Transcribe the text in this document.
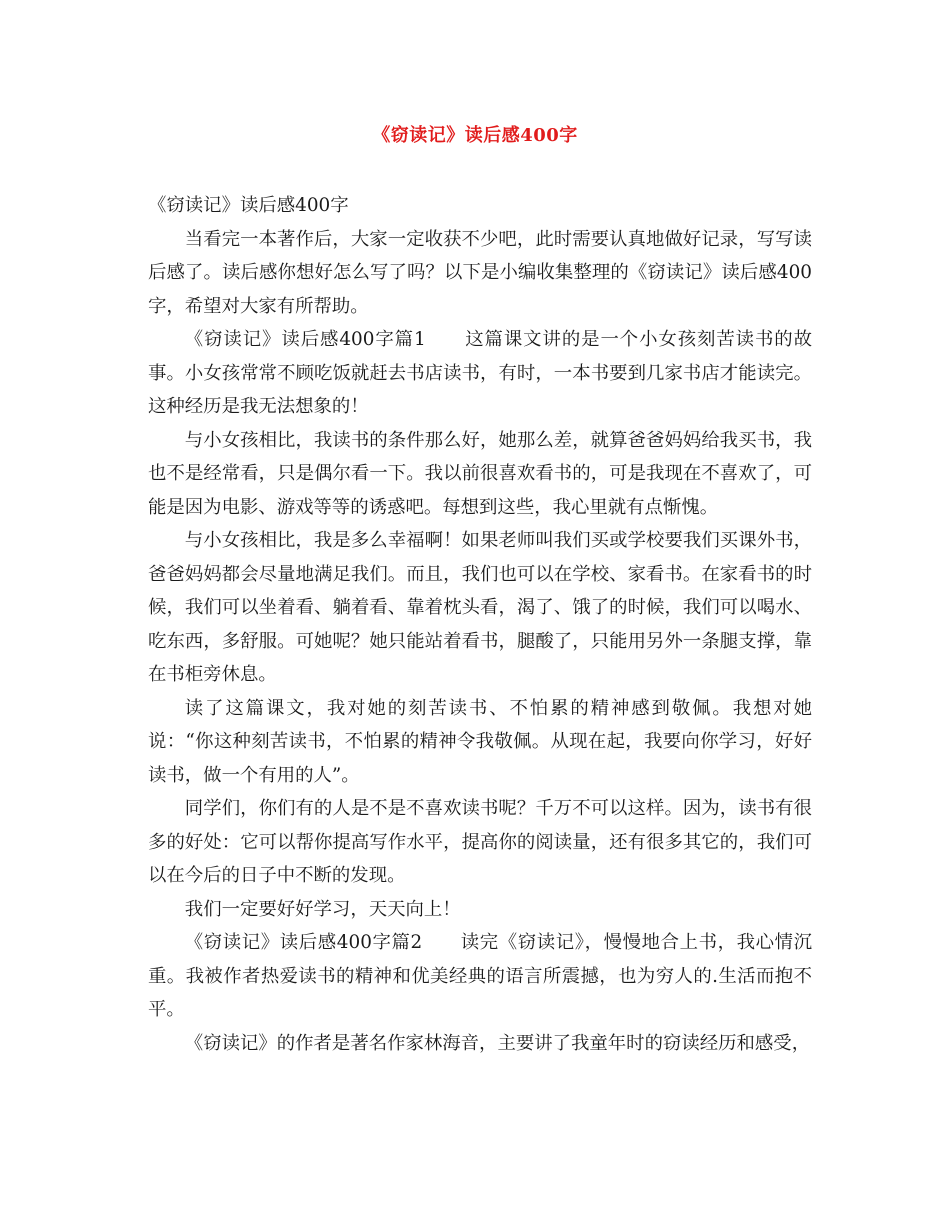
《窃读记》读后感400字

《窃读记》读后感400字

当看完一本著作后，大家一定收获不少吧，此时需要认真地做好记录，写写读后感了。读后感你想好怎么写了吗？以下是小编收集整理的《窃读记》读后感400字，希望对大家有所帮助。

《窃读记》读后感400字篇1　　这篇课文讲的是一个小女孩刻苦读书的故事。小女孩常常不顾吃饭就赶去书店读书，有时，一本书要到几家书店才能读完。这种经历是我无法想象的！

与小女孩相比，我读书的条件那么好，她那么差，就算爸爸妈妈给我买书，我也不是经常看，只是偶尔看一下。我以前很喜欢看书的，可是我现在不喜欢了，可能是因为电影、游戏等等的诱惑吧。每想到这些，我心里就有点惭愧。

与小女孩相比，我是多么幸福啊！如果老师叫我们买或学校要我们买课外书，爸爸妈妈都会尽量地满足我们。而且，我们也可以在学校、家看书。在家看书的时候，我们可以坐着看、躺着看、靠着枕头看，渴了、饿了的时候，我们可以喝水、吃东西，多舒服。可她呢？她只能站着看书，腿酸了，只能用另外一条腿支撑，靠在书柜旁休息。

读了这篇课文，我对她的刻苦读书、不怕累的精神感到敬佩。我想对她说：“你这种刻苦读书，不怕累的精神令我敬佩。从现在起，我要向你学习，好好读书，做一个有用的人”。

同学们，你们有的人是不是不喜欢读书呢？千万不可以这样。因为，读书有很多的好处：它可以帮你提高写作水平，提高你的阅读量，还有很多其它的，我们可以在今后的日子中不断的发现。

我们一定要好好学习，天天向上！

《窃读记》读后感400字篇2　　读完《窃读记》，慢慢地合上书，我心情沉重。我被作者热爱读书的精神和优美经典的语言所震撼，也为穷人的.生活而抱不平。

《窃读记》的作者是著名作家林海音，主要讲了我童年时的窃读经历和感受，
